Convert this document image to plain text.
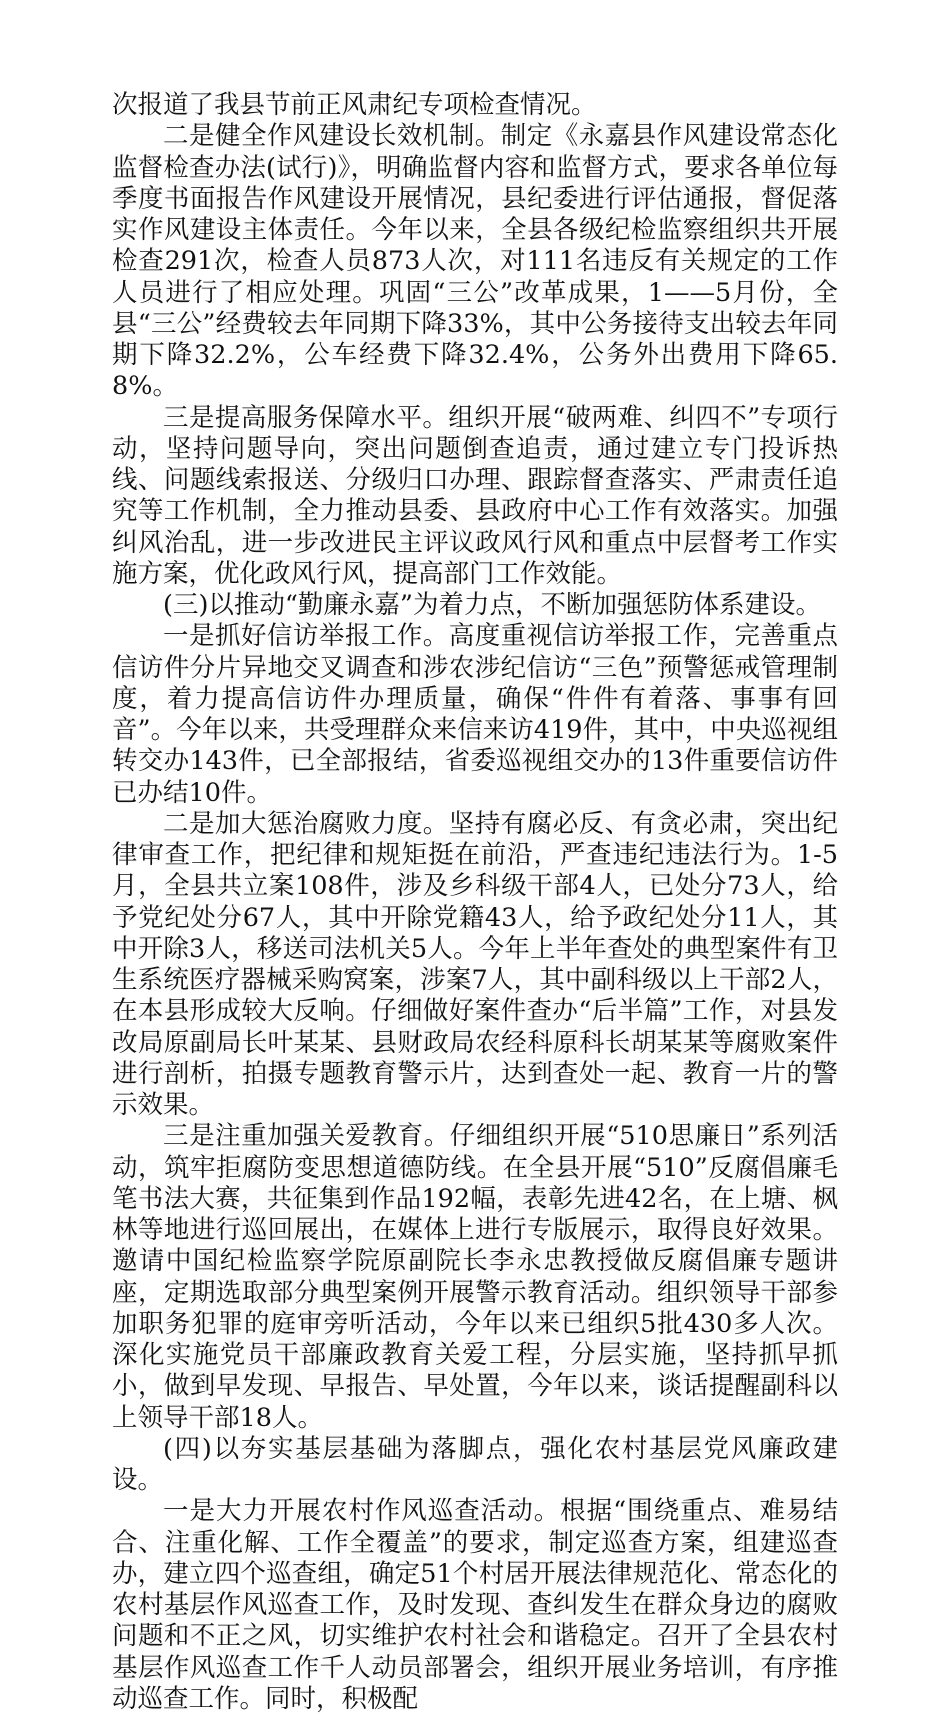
次报道了我县节前正风肃纪专项检查情况。

二是健全作风建设长效机制。制定《永嘉县作风建设常态化监督检查办法(试行)》，明确监督内容和监督方式，要求各单位每季度书面报告作风建设开展情况，县纪委进行评估通报，督促落实作风建设主体责任。今年以来，全县各级纪检监察组织共开展检查291次，检查人员873人次，对111名违反有关规定的工作人员进行了相应处理。巩固“三公”改革成果，1——5月份，全县“三公”经费较去年同期下降33%，其中公务接待支出较去年同期下降32.2%，公车经费下降32.4%，公务外出费用下降65.8%。

三是提高服务保障水平。组织开展“破两难、纠四不”专项行动，坚持问题导向，突出问题倒查追责，通过建立专门投诉热线、问题线索报送、分级归口办理、跟踪督查落实、严肃责任追究等工作机制，全力推动县委、县政府中心工作有效落实。加强纠风治乱，进一步改进民主评议政风行风和重点中层督考工作实施方案，优化政风行风，提高部门工作效能。

(三)以推动“勤廉永嘉”为着力点，不断加强惩防体系建设。

一是抓好信访举报工作。高度重视信访举报工作，完善重点信访件分片异地交叉调查和涉农涉纪信访“三色”预警惩戒管理制度，着力提高信访件办理质量，确保“件件有着落、事事有回音”。今年以来，共受理群众来信来访419件，其中，中央巡视组转交办143件，已全部报结，省委巡视组交办的13件重要信访件已办结10件。

二是加大惩治腐败力度。坚持有腐必反、有贪必肃，突出纪律审查工作，把纪律和规矩挺在前沿，严查违纪违法行为。1-5月，全县共立案108件，涉及乡科级干部4人，已处分73人，给予党纪处分67人，其中开除党籍43人，给予政纪处分11人，其中开除3人，移送司法机关5人。今年上半年查处的典型案件有卫生系统医疗器械采购窝案，涉案7人，其中副科级以上干部2人，在本县形成较大反响。仔细做好案件查办“后半篇”工作，对县发改局原副局长叶某某、县财政局农经科原科长胡某某等腐败案件进行剖析，拍摄专题教育警示片，达到查处一起、教育一片的警示效果。

三是注重加强关爱教育。仔细组织开展“510思廉日”系列活动，筑牢拒腐防变思想道德防线。在全县开展“510”反腐倡廉毛笔书法大赛，共征集到作品192幅，表彰先进42名，在上塘、枫林等地进行巡回展出，在媒体上进行专版展示，取得良好效果。邀请中国纪检监察学院原副院长李永忠教授做反腐倡廉专题讲座，定期选取部分典型案例开展警示教育活动。组织领导干部参加职务犯罪的庭审旁听活动，今年以来已组织5批430多人次。深化实施党员干部廉政教育关爱工程，分层实施，坚持抓早抓小，做到早发现、早报告、早处置，今年以来，谈话提醒副科以上领导干部18人。

(四)以夯实基层基础为落脚点，强化农村基层党风廉政建设。

一是大力开展农村作风巡查活动。根据“围绕重点、难易结合、注重化解、工作全覆盖”的要求，制定巡查方案，组建巡查办，建立四个巡查组，确定51个村居开展法律规范化、常态化的农村基层作风巡查工作，及时发现、查纠发生在群众身边的腐败问题和不正之风，切实维护农村社会和谐稳定。召开了全县农村基层作风巡查工作千人动员部署会，组织开展业务培训，有序推动巡查工作。同时，积极配
